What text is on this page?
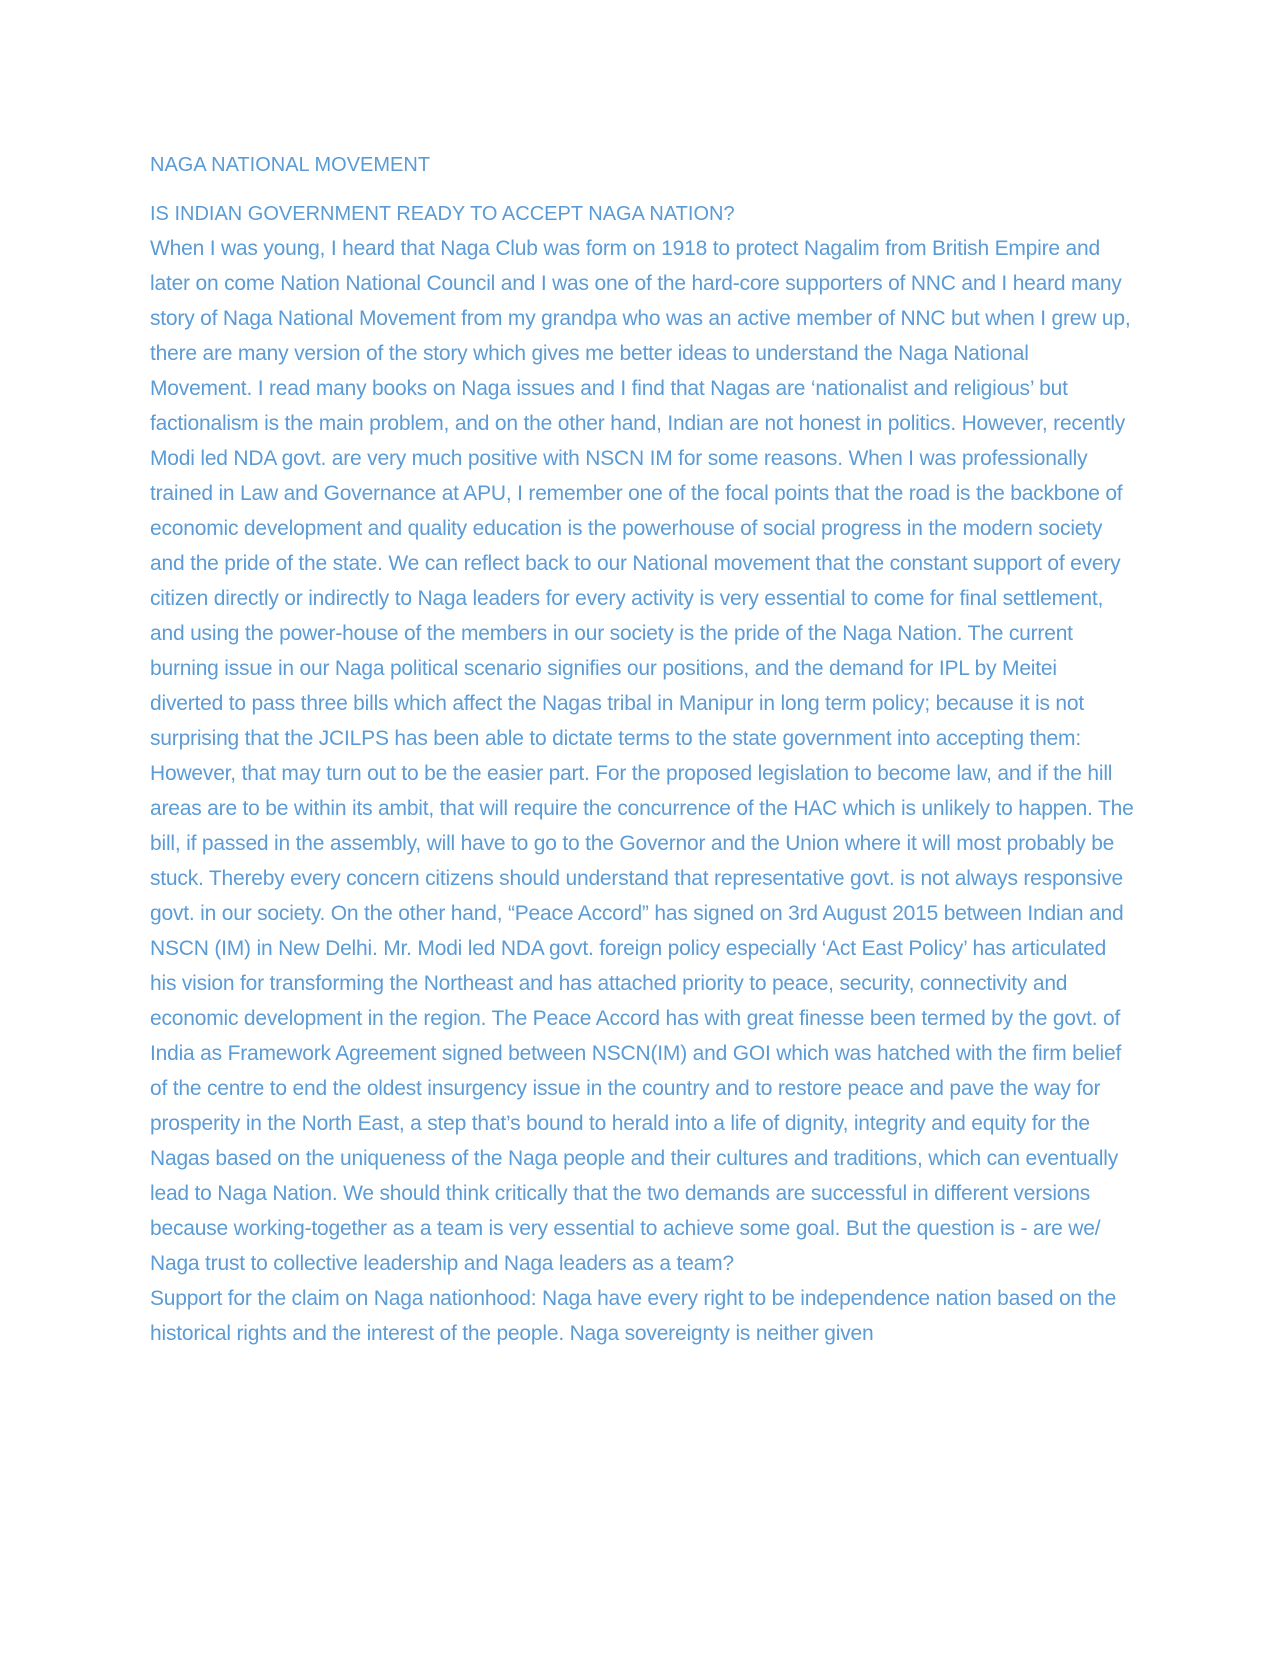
NAGA NATIONAL MOVEMENT
IS INDIAN GOVERNMENT READY TO ACCEPT NAGA NATION?

When I was young, I heard that Naga Club was form on 1918 to protect Nagalim from British Empire and later on come Nation National Council and I was one of the hard-core supporters of NNC and I heard many story of Naga National Movement from my grandpa who was an active member of NNC but when I grew up, there are many version of the story which gives me better ideas to understand the Naga National Movement. I read many books on Naga issues and I find that Nagas are ‘nationalist and religious’ but factionalism is the main problem, and on the other hand, Indian are not honest in politics. However, recently Modi led NDA govt. are very much positive with NSCN IM for some reasons. When I was professionally trained in Law and Governance at APU, I remember one of the focal points that the road is the backbone of economic development and quality education is the powerhouse of social progress in the modern society and the pride of the state. We can reflect back to our National movement that the constant support of every citizen directly or indirectly to Naga leaders for every activity is very essential to come for final settlement, and using the power-house of the members in our society is the pride of the Naga Nation. The current burning issue in our Naga political scenario signifies our positions, and the demand for IPL by Meitei diverted to pass three bills which affect the Nagas tribal in Manipur in long term policy; because it is not surprising that the JCILPS has been able to dictate terms to the state government into accepting them: However, that may turn out to be the easier part. For the proposed legislation to become law, and if the hill areas are to be within its ambit, that will require the concurrence of the HAC which is unlikely to happen. The bill, if passed in the assembly, will have to go to the Governor and the Union where it will most probably be stuck. Thereby every concern citizens should understand that representative govt. is not always responsive govt. in our society. On the other hand, “Peace Accord” has signed on 3rd August 2015 between Indian and NSCN (IM) in New Delhi. Mr. Modi led NDA govt. foreign policy especially ‘Act East Policy’ has articulated his vision for transforming the Northeast and has attached priority to peace, security, connectivity and economic development in the region. The Peace Accord has with great finesse been termed by the govt. of India as Framework Agreement signed between NSCN(IM) and GOI which was hatched with the firm belief of the centre to end the oldest insurgency issue in the country and to restore peace and pave the way for prosperity in the North East, a step that’s bound to herald into a life of dignity, integrity and equity for the Nagas based on the uniqueness of the Naga people and their cultures and traditions, which can eventually lead to Naga Nation. We should think critically that the two demands are successful in different versions because working-together as a team is very essential to achieve some goal. But the question is - are we/ Naga trust to collective leadership and Naga leaders as a team?

Support for the claim on Naga nationhood: Naga have every right to be independence nation based on the historical rights and the interest of the people. Naga sovereignty is neither given
